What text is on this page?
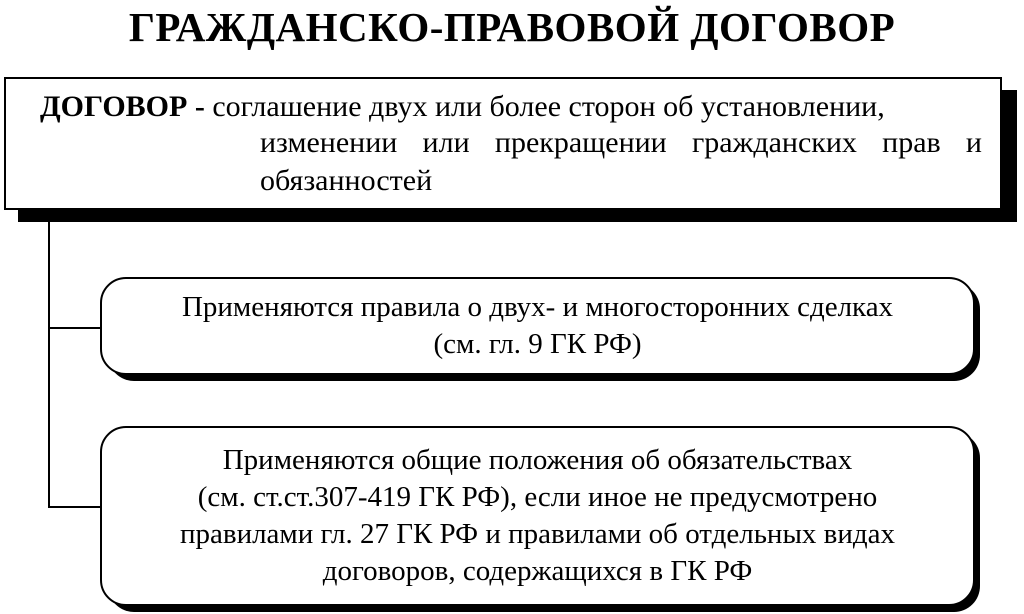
ГРАЖДАНСКО-ПРАВОВОЙ ДОГОВОР
ДОГОВОР - соглашение двух или более сторон об установлении,
изменении или прекращении гражданских прав и обязанностей
Применяются правила о двух- и многосторонних сделках
(см. гл. 9 ГК РФ)
Применяются общие положения об обязательствах
(см. ст.ст.307-419 ГК РФ), если иное не предусмотрено
правилами гл. 27 ГК РФ и правилами об отдельных видах
договоров, содержащихся в ГК РФ
